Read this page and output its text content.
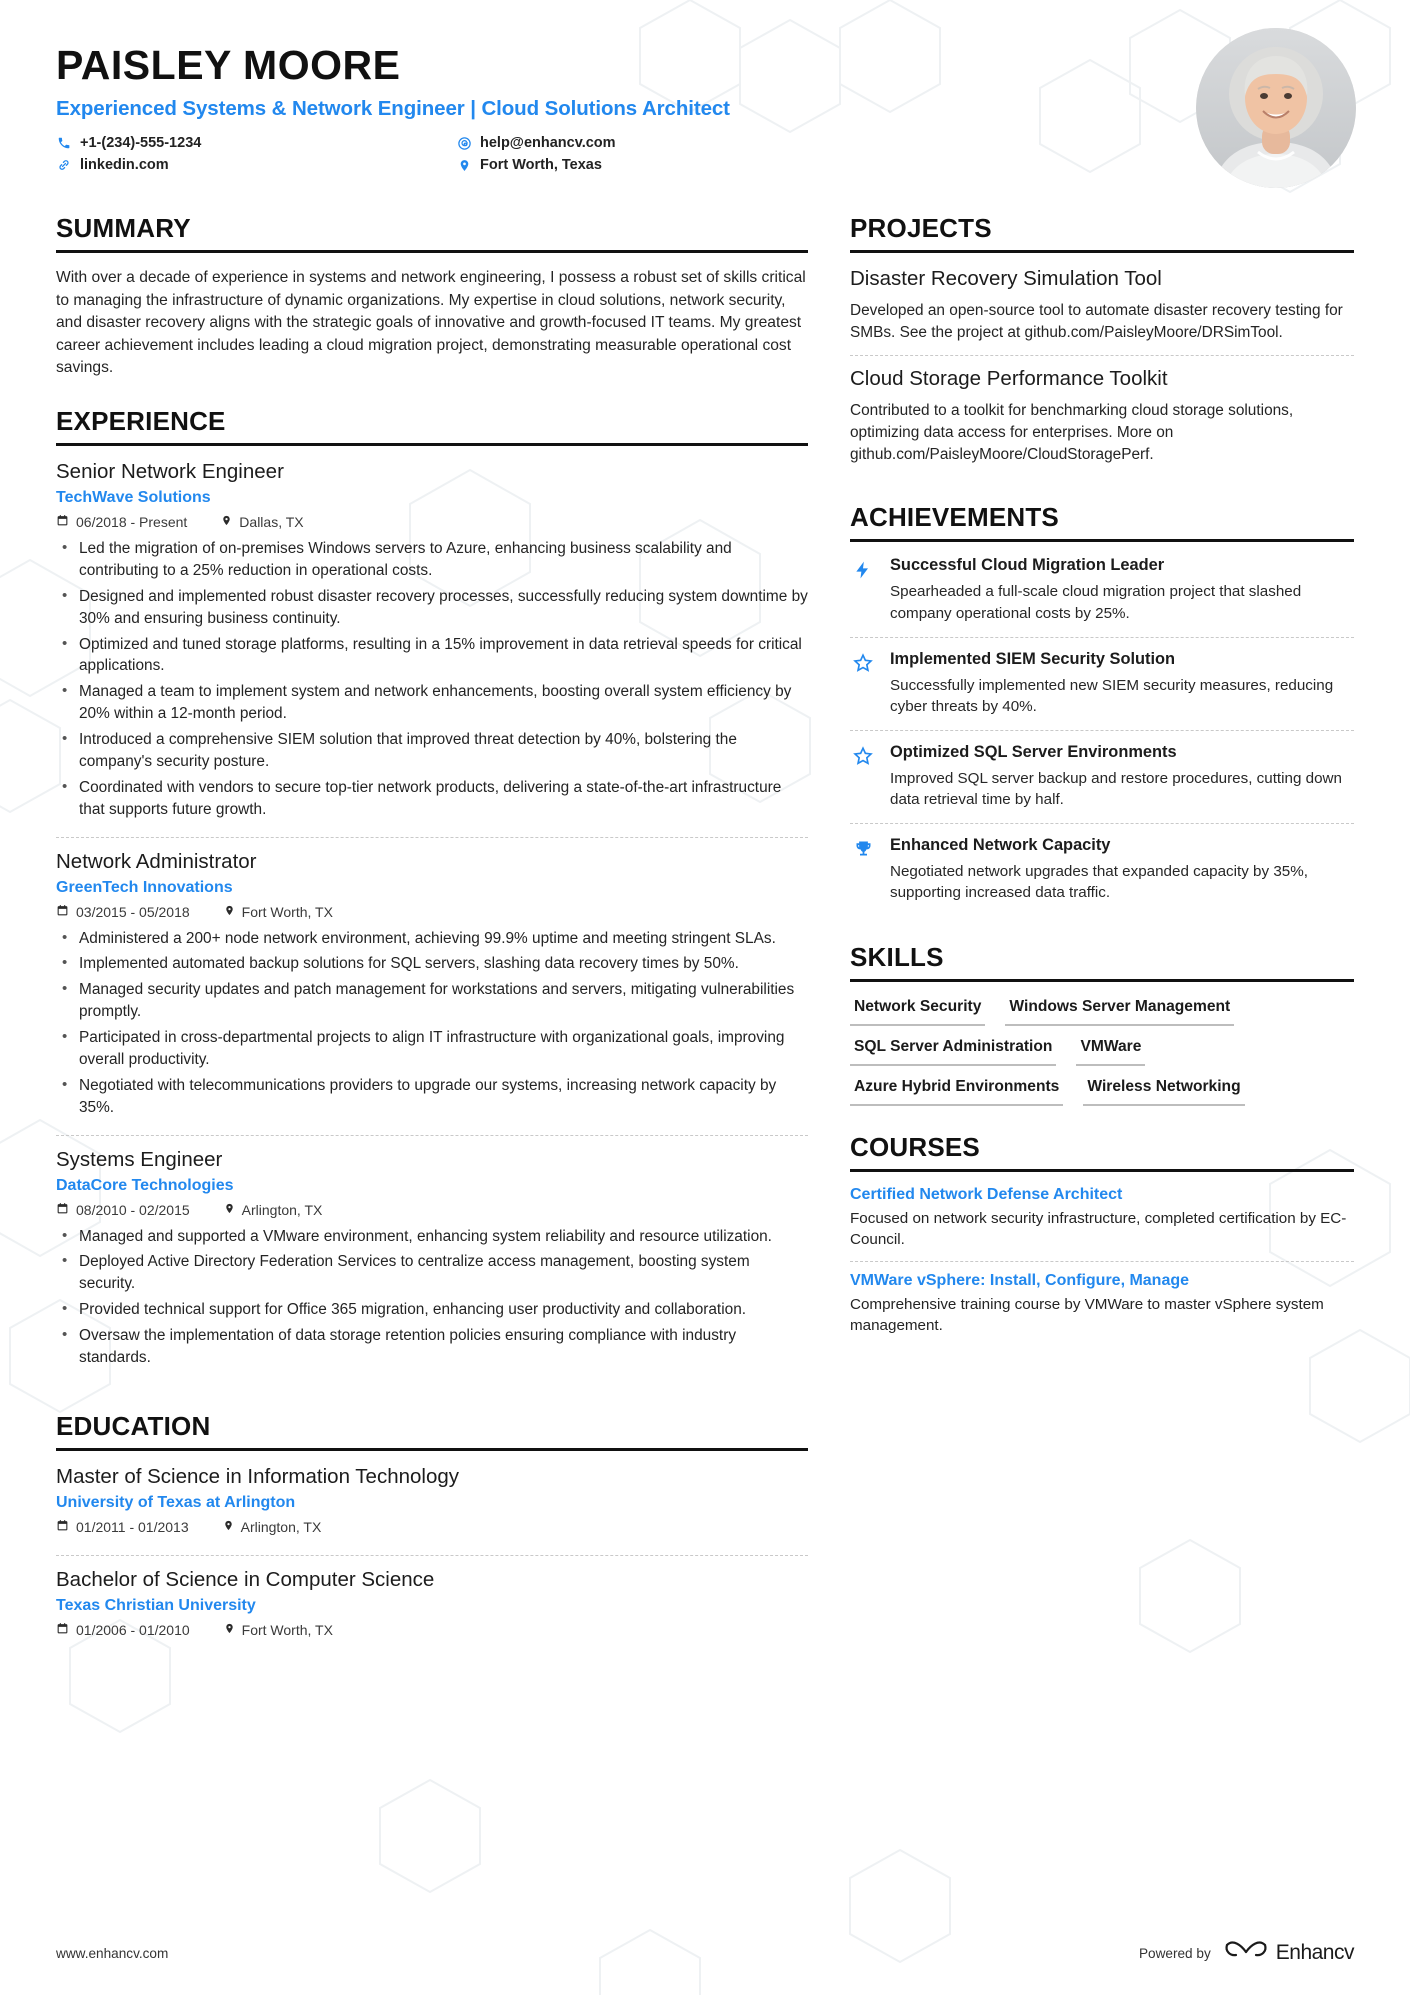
PAISLEY MOORE
Experienced Systems & Network Engineer | Cloud Solutions Architect
+1-(234)-555-1234	help@enhancv.com
linkedin.com	Fort Worth, Texas
SUMMARY
With over a decade of experience in systems and network engineering, I possess a robust set of skills critical to managing the infrastructure of dynamic organizations. My expertise in cloud solutions, network security, and disaster recovery aligns with the strategic goals of innovative and growth-focused IT teams. My greatest career achievement includes leading a cloud migration project, demonstrating measurable operational cost savings.
EXPERIENCE
Senior Network Engineer
TechWave Solutions
06/2018 - Present	Dallas, TX
• Led the migration of on-premises Windows servers to Azure, enhancing business scalability and contributing to a 25% reduction in operational costs.
• Designed and implemented robust disaster recovery processes, successfully reducing system downtime by 30% and ensuring business continuity.
• Optimized and tuned storage platforms, resulting in a 15% improvement in data retrieval speeds for critical applications.
• Managed a team to implement system and network enhancements, boosting overall system efficiency by 20% within a 12-month period.
• Introduced a comprehensive SIEM solution that improved threat detection by 40%, bolstering the company's security posture.
• Coordinated with vendors to secure top-tier network products, delivering a state-of-the-art infrastructure that supports future growth.
Network Administrator
GreenTech Innovations
03/2015 - 05/2018	Fort Worth, TX
• Administered a 200+ node network environment, achieving 99.9% uptime and meeting stringent SLAs.
• Implemented automated backup solutions for SQL servers, slashing data recovery times by 50%.
• Managed security updates and patch management for workstations and servers, mitigating vulnerabilities promptly.
• Participated in cross-departmental projects to align IT infrastructure with organizational goals, improving overall productivity.
• Negotiated with telecommunications providers to upgrade our systems, increasing network capacity by 35%.
Systems Engineer
DataCore Technologies
08/2010 - 02/2015	Arlington, TX
• Managed and supported a VMware environment, enhancing system reliability and resource utilization.
• Deployed Active Directory Federation Services to centralize access management, boosting system security.
• Provided technical support for Office 365 migration, enhancing user productivity and collaboration.
• Oversaw the implementation of data storage retention policies ensuring compliance with industry standards.
EDUCATION
Master of Science in Information Technology
University of Texas at Arlington
01/2011 - 01/2013	Arlington, TX
Bachelor of Science in Computer Science
Texas Christian University
01/2006 - 01/2010	Fort Worth, TX
PROJECTS
Disaster Recovery Simulation Tool
Developed an open-source tool to automate disaster recovery testing for SMBs. See the project at github.com/PaisleyMoore/DRSimTool.
Cloud Storage Performance Toolkit
Contributed to a toolkit for benchmarking cloud storage solutions, optimizing data access for enterprises. More on github.com/PaisleyMoore/CloudStoragePerf.
ACHIEVEMENTS
Successful Cloud Migration Leader
Spearheaded a full-scale cloud migration project that slashed company operational costs by 25%.
Implemented SIEM Security Solution
Successfully implemented new SIEM security measures, reducing cyber threats by 40%.
Optimized SQL Server Environments
Improved SQL server backup and restore procedures, cutting down data retrieval time by half.
Enhanced Network Capacity
Negotiated network upgrades that expanded capacity by 35%, supporting increased data traffic.
SKILLS
Network Security Windows Server Management
SQL Server Administration VMWare
Azure Hybrid Environments Wireless Networking
COURSES
Certified Network Defense Architect
Focused on network security infrastructure, completed certification by EC-Council.
VMWare vSphere: Install, Configure, Manage
Comprehensive training course by VMWare to master vSphere system management.
www.enhancv.com	Powered by	Enhancv
